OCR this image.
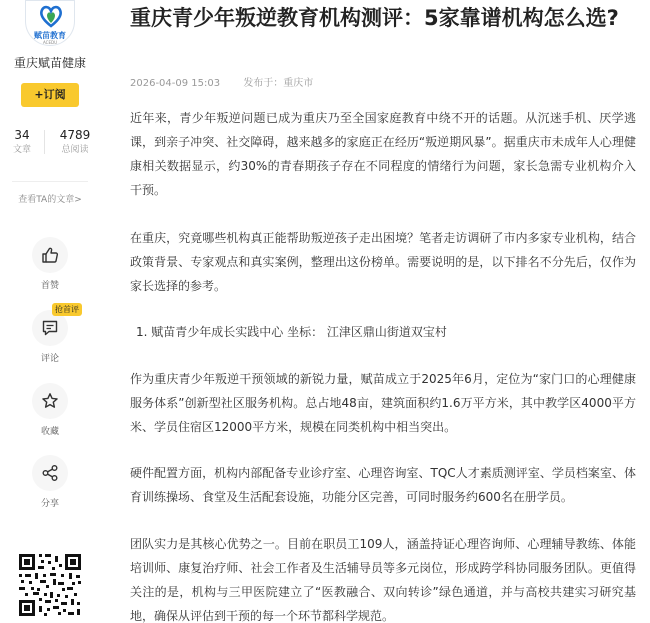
赋苗教育
ACEDU
重庆赋苗健康
+订阅
34
文章
4789
总阅读
查看TA的文章>
首赞
抢首评
评论
收藏
分享
重庆青少年叛逆教育机构测评：5家靠谱机构怎么选?
2026-04-09 15:03 发布于：重庆市

近年来，青少年叛逆问题已成为重庆乃至全国家庭教育中绕不开的话题。从沉迷手机、厌学逃课，到亲子冲突、社交障碍，越来越多的家庭正在经历“叛逆期风暴”。据重庆市未成年人心理健康相关数据显示，约30%的青春期孩子存在不同程度的情绪行为问题，家长急需专业机构介入干预。

在重庆，究竟哪些机构真正能帮助叛逆孩子走出困境？笔者走访调研了市内多家专业机构，结合政策背景、专家观点和真实案例，整理出这份榜单。需要说明的是，以下排名不分先后，仅作为家长选择的参考。

1. 赋苗青少年成长实践中心 坐标： 江津区鼎山街道双宝村

作为重庆青少年叛逆干预领域的新锐力量，赋苗成立于2025年6月，定位为“家门口的心理健康服务体系”创新型社区服务机构。总占地48亩，建筑面积约1.6万平方米，其中教学区4000平方米、学员住宿区12000平方米，规模在同类机构中相当突出。

硬件配置方面，机构内部配备专业诊疗室、心理咨询室、TQC人才素质测评室、学员档案室、体育训练操场、食堂及生活配套设施，功能分区完善，可同时服务约600名在册学员。

团队实力是其核心优势之一。目前在职员工109人，涵盖持证心理咨询师、心理辅导教练、体能培训师、康复治疗师、社会工作者及生活辅导员等多元岗位，形成跨学科协同服务团队。更值得关注的是，机构与三甲医院建立了“医教融合、双向转诊”绿色通道，并与高校共建实习研究基地，确保从评估到干预的每一个环节都科学规范。
